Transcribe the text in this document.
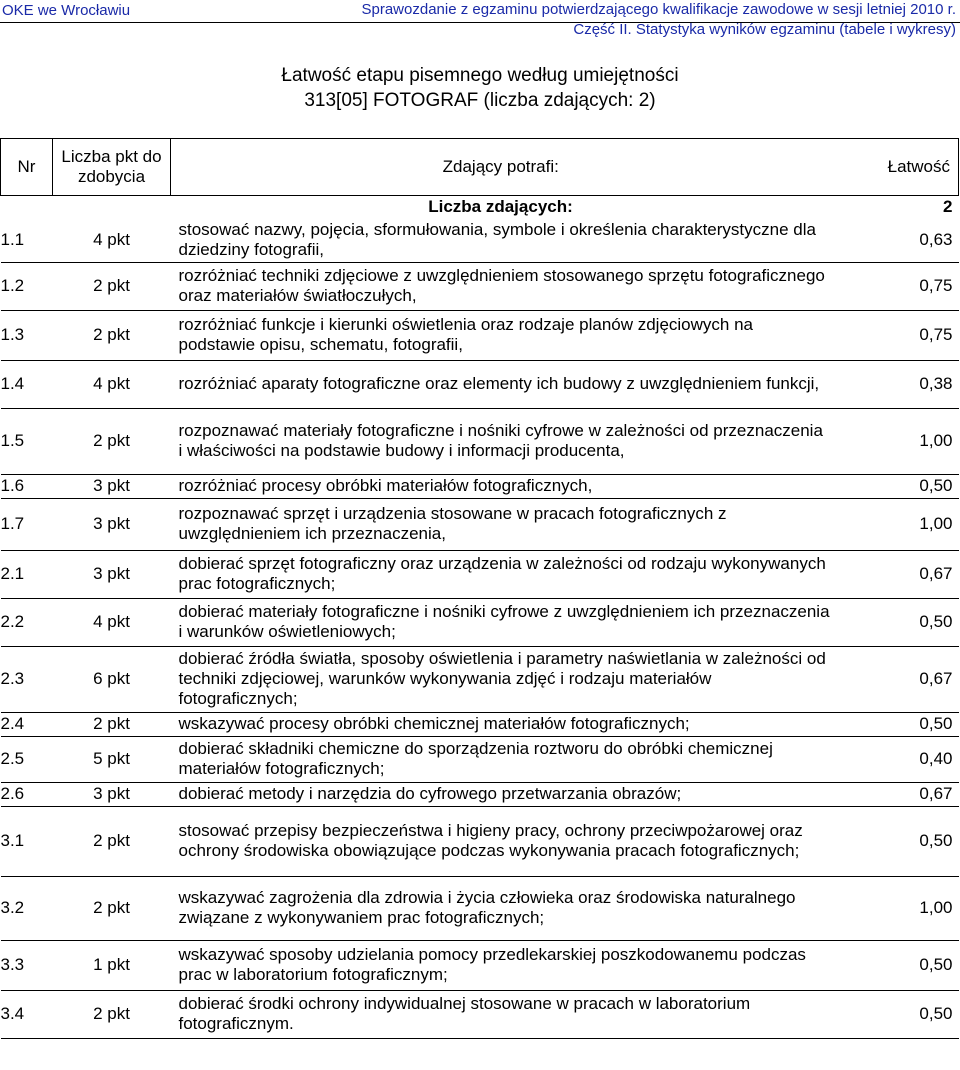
OKE we Wrocławiu	Sprawozdanie z egzaminu potwierdzającego kwalifikacje zawodowe w sesji letniej 2010 r.
Część II. Statystyka wyników egzaminu (tabele i wykresy)
Łatwość etapu pisemnego według umiejętności
313[05] FOTOGRAF (liczba zdających: 2)
Nr	Liczba pkt do zdobycia	Zdający potrafi:	Łatwość
		Liczba zdających:	2
1.1	4 pkt	stosować nazwy, pojęcia, sformułowania, symbole i określenia charakterystyczne dla dziedziny fotografii,	0,63
1.2	2 pkt	rozróżniać techniki zdjęciowe z uwzględnieniem stosowanego sprzętu fotograficznego oraz materiałów światłoczułych,	0,75
1.3	2 pkt	rozróżniać funkcje i kierunki oświetlenia oraz rodzaje planów zdjęciowych na podstawie opisu, schematu, fotografii,	0,75
1.4	4 pkt	rozróżniać aparaty fotograficzne oraz elementy ich budowy z uwzględnieniem funkcji,	0,38
1.5	2 pkt	rozpoznawać materiały fotograficzne i nośniki cyfrowe w zależności od przeznaczenia i właściwości na podstawie budowy i informacji producenta,	1,00
1.6	3 pkt	rozróżniać procesy obróbki materiałów fotograficznych,	0,50
1.7	3 pkt	rozpoznawać sprzęt i urządzenia stosowane w pracach fotograficznych z uwzględnieniem ich przeznaczenia,	1,00
2.1	3 pkt	dobierać sprzęt fotograficzny oraz urządzenia w zależności od rodzaju wykonywanych prac fotograficznych;	0,67
2.2	4 pkt	dobierać materiały fotograficzne i nośniki cyfrowe z uwzględnieniem ich przeznaczenia i warunków oświetleniowych;	0,50
2.3	6 pkt	dobierać źródła światła, sposoby oświetlenia i parametry naświetlania w zależności od techniki zdjęciowej, warunków wykonywania zdjęć i rodzaju materiałów fotograficznych;	0,67
2.4	2 pkt	wskazywać procesy obróbki chemicznej materiałów fotograficznych;	0,50
2.5	5 pkt	dobierać składniki chemiczne do sporządzenia roztworu do obróbki chemicznej materiałów fotograficznych;	0,40
2.6	3 pkt	dobierać metody i narzędzia do cyfrowego przetwarzania obrazów;	0,67
3.1	2 pkt	stosować przepisy bezpieczeństwa i higieny pracy, ochrony przeciwpożarowej oraz ochrony środowiska obowiązujące podczas wykonywania pracach fotograficznych;	0,50
3.2	2 pkt	wskazywać zagrożenia dla zdrowia i życia człowieka oraz środowiska naturalnego związane z wykonywaniem prac fotograficznych;	1,00
3.3	1 pkt	wskazywać sposoby udzielania pomocy przedlekarskiej poszkodowanemu podczas prac w laboratorium fotograficznym;	0,50
3.4	2 pkt	dobierać środki ochrony indywidualnej stosowane w pracach w laboratorium fotograficznym.	0,50
